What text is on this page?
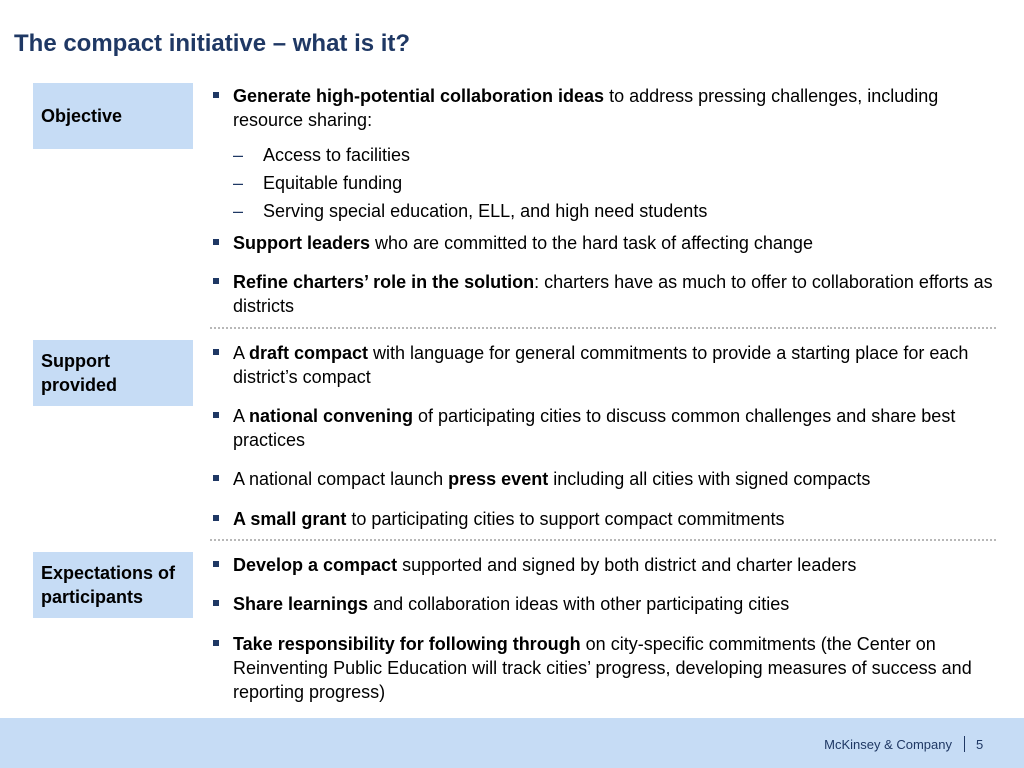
The compact initiative – what is it?
Objective
Generate high-potential collaboration ideas to address pressing challenges, including resource sharing:
– Access to facilities
– Equitable funding
– Serving special education, ELL, and high need students
Support leaders who are committed to the hard task of affecting change
Refine charters’ role in the solution: charters have as much to offer to collaboration efforts as districts
Support provided
A draft compact with language for general commitments to provide a starting place for each district’s compact
A national convening of participating cities to discuss common challenges and share best practices
A national compact launch press event including all cities with signed compacts
A small grant to participating cities to support compact commitments
Expectations of participants
Develop a compact supported and signed by both district and charter leaders
Share learnings and collaboration ideas with other participating cities
Take responsibility for following through on city-specific commitments (the Center on Reinventing Public Education will track cities’ progress, developing measures of success and reporting progress)
McKinsey & Company 5
